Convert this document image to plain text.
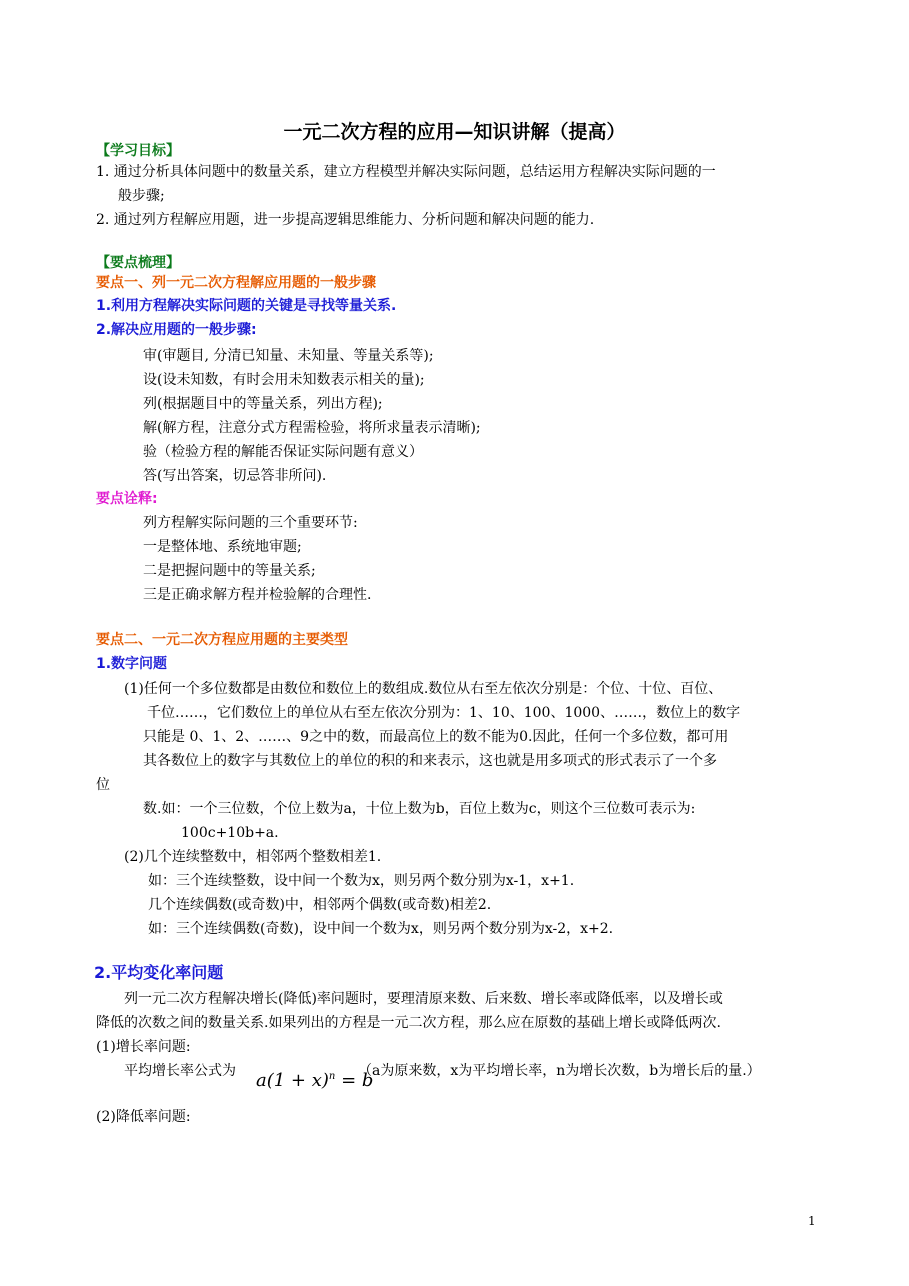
一元二次方程的应用—知识讲解（提高）
【学习目标】
1. 通过分析具体问题中的数量关系，建立方程模型并解决实际问题，总结运用方程解决实际问题的一
般步骤;
2. 通过列方程解应用题，进一步提高逻辑思维能力、分析问题和解决问题的能力.
【要点梳理】
要点一、列一元二次方程解应用题的一般步骤
1.利用方程解决实际问题的关键是寻找等量关系.
2.解决应用题的一般步骤:
审(审题目, 分清已知量、未知量、等量关系等);
设(设未知数，有时会用未知数表示相关的量);
列(根据题目中的等量关系，列出方程);
解(解方程，注意分式方程需检验，将所求量表示清晰);
验（检验方程的解能否保证实际问题有意义）
答(写出答案，切忌答非所问).
要点诠释:
列方程解实际问题的三个重要环节:
一是整体地、系统地审题;
二是把握问题中的等量关系;
三是正确求解方程并检验解的合理性.
要点二、一元二次方程应用题的主要类型
1.数字问题
(1)任何一个多位数都是由数位和数位上的数组成.数位从右至左依次分别是：个位、十位、百位、
千位……，它们数位上的单位从右至左依次分别为：1、10、100、1000、……，数位上的数字
只能是 0、1、2、……、9之中的数，而最高位上的数不能为0.因此，任何一个多位数，都可用
其各数位上的数字与其数位上的单位的积的和来表示，这也就是用多项式的形式表示了一个多
位
数.如：一个三位数，个位上数为a，十位上数为b，百位上数为c，则这个三位数可表示为:
100c+10b+a.
(2)几个连续整数中，相邻两个整数相差1.
如：三个连续整数，设中间一个数为x，则另两个数分别为x-1，x+1.
几个连续偶数(或奇数)中，相邻两个偶数(或奇数)相差2.
如：三个连续偶数(奇数)，设中间一个数为x，则另两个数分别为x-2，x+2.
2.平均变化率问题
列一元二次方程解决增长(降低)率问题时，要理清原来数、后来数、增长率或降低率，以及增长或
降低的次数之间的数量关系.如果列出的方程是一元二次方程，那么应在原数的基础上增长或降低两次.
(1)增长率问题:
平均增长率公式为 $a(1 + x)^n = b$
（a为原来数，x为平均增长率，n为增长次数，b为增长后的量.）
(2)降低率问题:
1
